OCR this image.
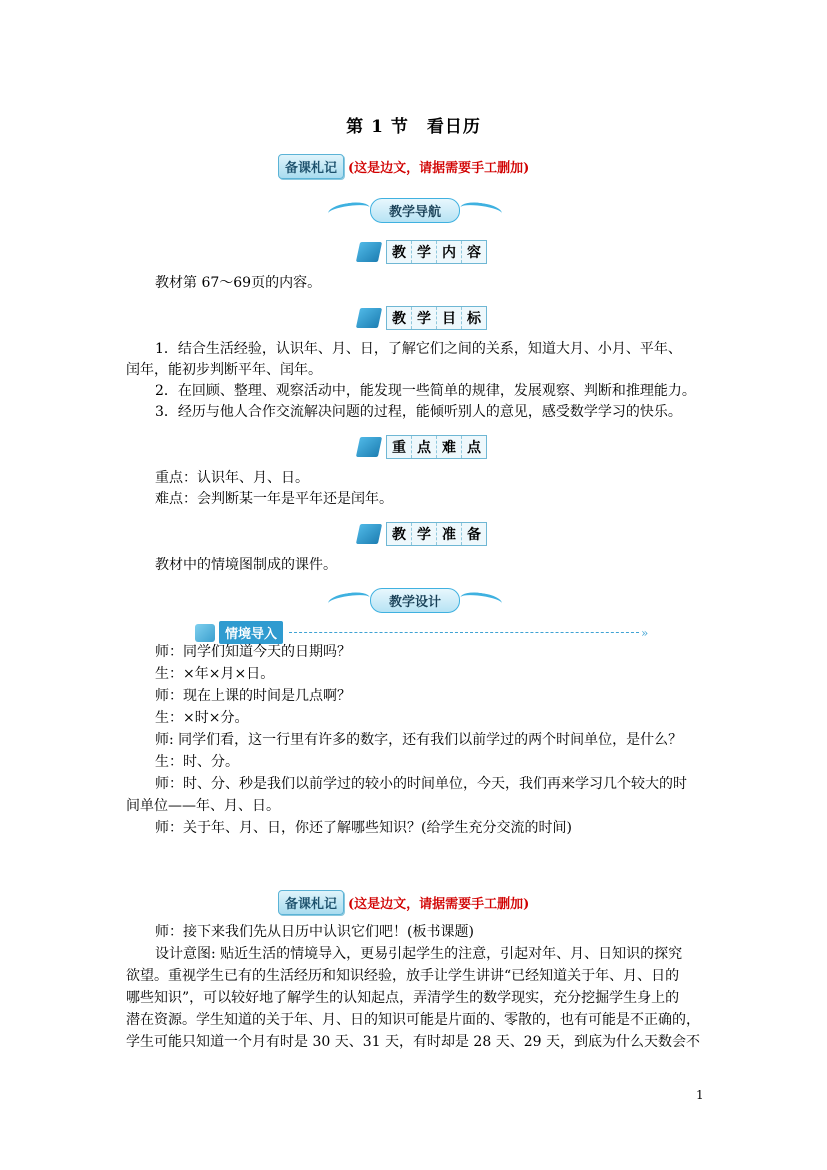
第 1 节　看日历
备课札记 (这是边文，请据需要手工删加)
教学导航
教 学 内 容
教材第 67～69页的内容。
教 学 目 标
1．结合生活经验，认识年、月、日，了解它们之间的关系，知道大月、小月、平年、
闰年，能初步判断平年、闰年。
2．在回顾、整理、观察活动中，能发现一些简单的规律，发展观察、判断和推理能力。
3．经历与他人合作交流解决问题的过程，能倾听别人的意见，感受数学学习的快乐。
重 点 难 点
重点：认识年、月、日。
难点：会判断某一年是平年还是闰年。
教 学 准 备
教材中的情境图制成的课件。
教学设计
情境导入	»
师：同学们知道今天的日期吗？
生：×年×月×日。
师：现在上课的时间是几点啊？
生：×时×分。
师: 同学们看，这一行里有许多的数字，还有我们以前学过的两个时间单位，是什么？
生：时、分。
师：时、分、秒是我们以前学过的较小的时间单位，今天，我们再来学习几个较大的时
间单位——年、月、日。
师：关于年、月、日，你还了解哪些知识？(给学生充分交流的时间)
备课札记 (这是边文，请据需要手工删加)
师：接下来我们先从日历中认识它们吧！(板书课题)
设计意图: 贴近生活的情境导入，更易引起学生的注意，引起对年、月、日知识的探究
欲望。重视学生已有的生活经历和知识经验，放手让学生讲讲“已经知道关于年、月、日的
哪些知识”，可以较好地了解学生的认知起点，弄清学生的数学现实，充分挖掘学生身上的
潜在资源。学生知道的关于年、月、日的知识可能是片面的、零散的，也有可能是不正确的，
学生可能只知道一个月有时是 30 天、31 天，有时却是 28 天、29 天，到底为什么天数会不
1
